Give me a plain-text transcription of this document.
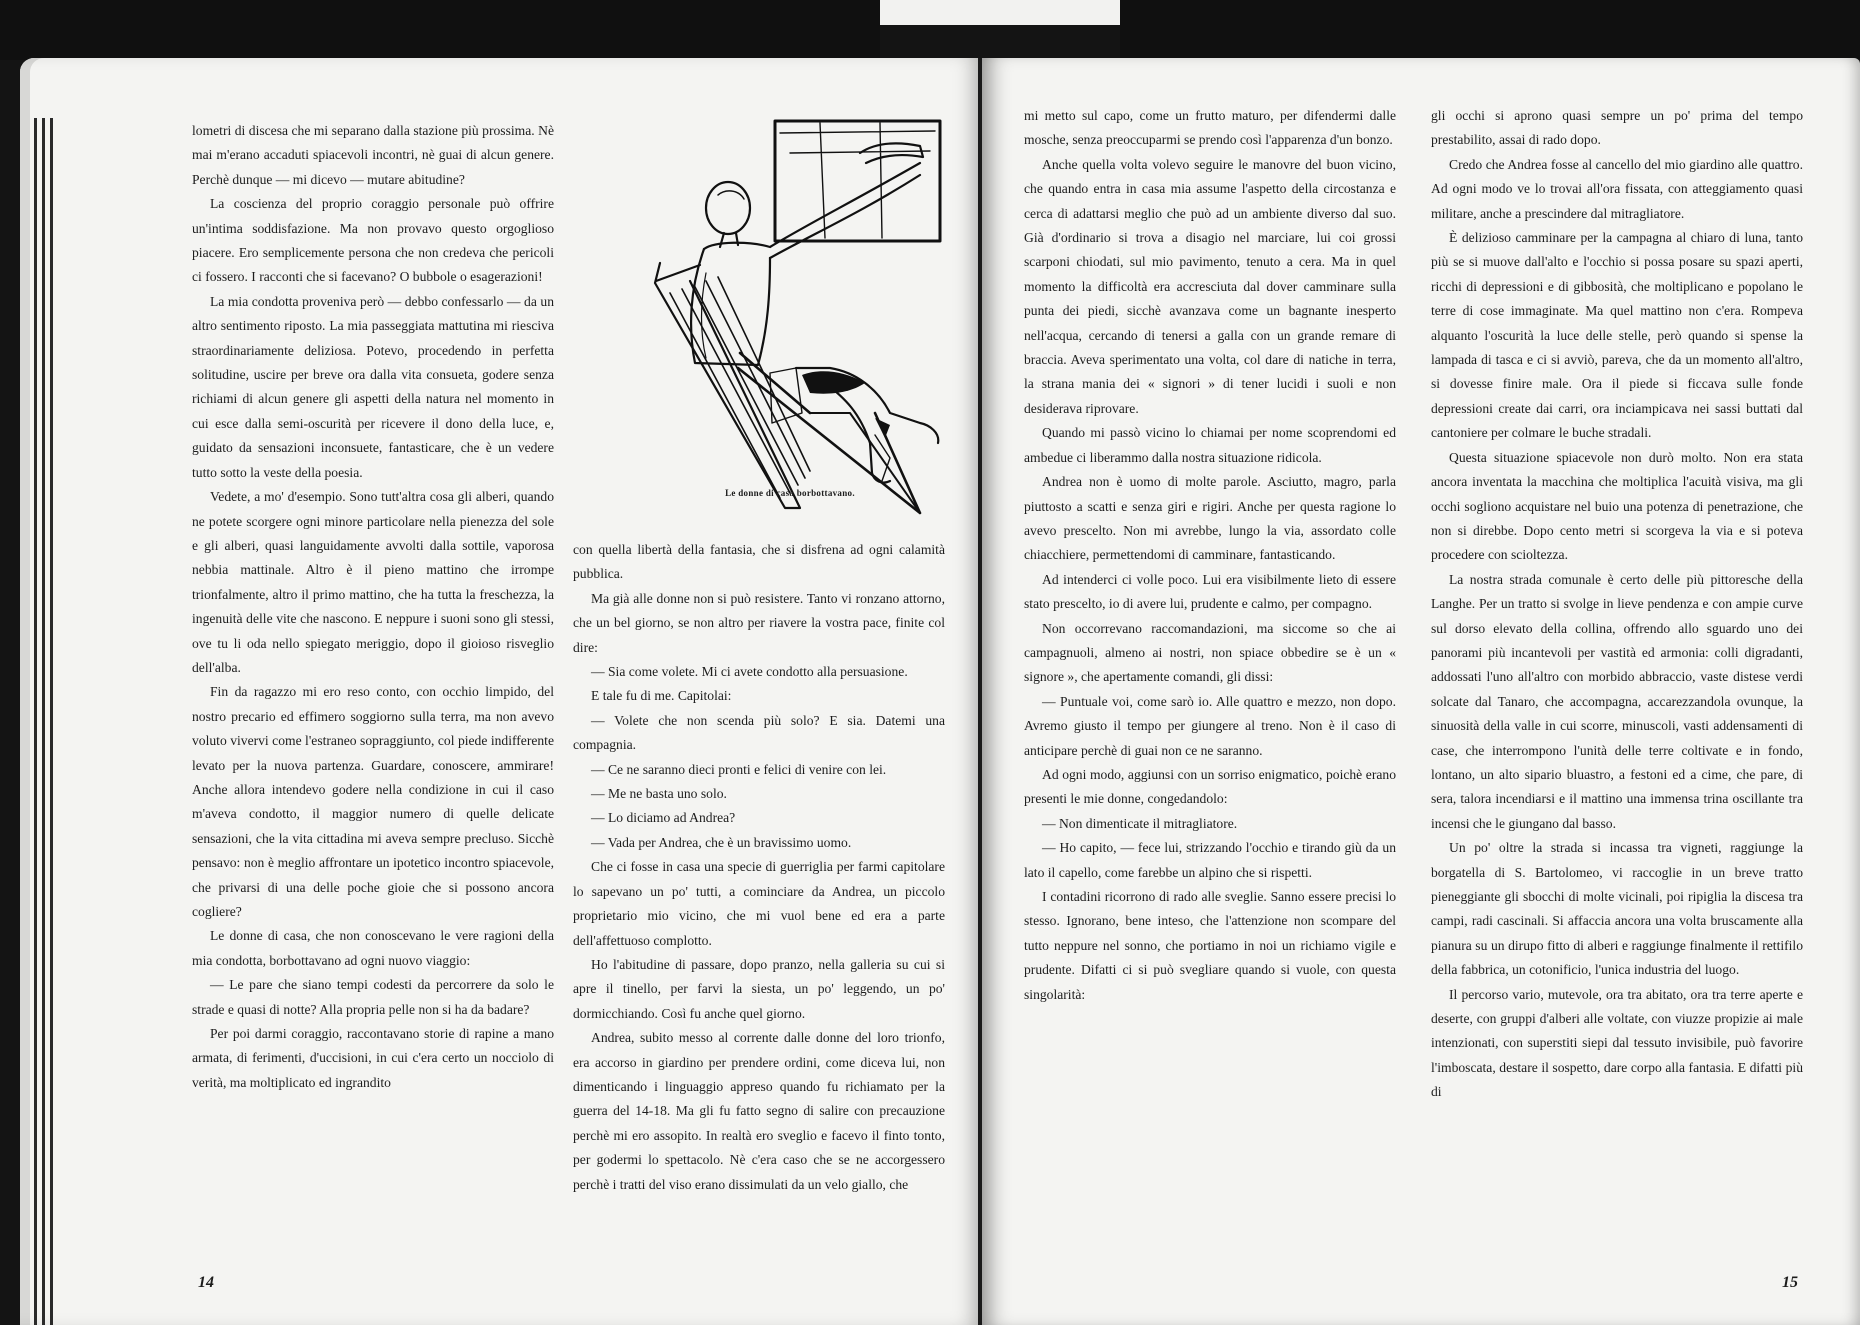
lometri di discesa che mi separano dalla stazione più prossima. Nè mai m'erano accaduti spiacevoli incontri, nè guai di alcun genere. Perchè dunque — mi dicevo — mutare abitudine?

La coscienza del proprio coraggio personale può offrire un'intima soddisfazione. Ma non provavo questo orgoglioso piacere. Ero semplicemente persona che non credeva che pericoli ci fossero. I racconti che si facevano? O bubbole o esagerazioni!

La mia condotta proveniva però — debbo confessarlo — da un altro sentimento riposto. La mia passeggiata mattutina mi riesciva straordinariamente deliziosa. Potevo, procedendo in perfetta solitudine, uscire per breve ora dalla vita consueta, godere senza richiami di alcun genere gli aspetti della natura nel momento in cui esce dalla semi-oscurità per ricevere il dono della luce, e, guidato da sensazioni inconsuete, fantasticare, che è un vedere tutto sotto la veste della poesia.

Vedete, a mo' d'esempio. Sono tutt'altra cosa gli alberi, quando ne potete scorgere ogni minore particolare nella pienezza del sole e gli alberi, quasi languidamente avvolti dalla sottile, vaporosa nebbia mattinale. Altro è il pieno mattino che irrompe trionfalmente, altro il primo mattino, che ha tutta la freschezza, la ingenuità delle vite che nascono. E neppure i suoni sono gli stessi, ove tu li oda nello spiegato meriggio, dopo il gioioso risveglio dell'alba.

Fin da ragazzo mi ero reso conto, con occhio limpido, del nostro precario ed effimero soggiorno sulla terra, ma non avevo voluto vivervi come l'estraneo sopraggiunto, col piede indifferente levato per la nuova partenza. Guardare, conoscere, ammirare! Anche allora intendevo godere nella condizione in cui il caso m'aveva condotto, il maggior numero di quelle delicate sensazioni, che la vita cittadina mi aveva sempre precluso. Sicchè pensavo: non è meglio affrontare un ipotetico incontro spiacevole, che privarsi di una delle poche gioie che si possono ancora cogliere?

Le donne di casa, che non conoscevano le vere ragioni della mia condotta, borbottavano ad ogni nuovo viaggio:

— Le pare che siano tempi codesti da percorrere da solo le strade e quasi di notte? Alla propria pelle non si ha da badare?

Per poi darmi coraggio, raccontavano storie di rapine a mano armata, di ferimenti, d'uccisioni, in cui c'era certo un nocciolo di verità, ma moltiplicato ed ingrandito

Le donne di casa borbottavano.

con quella libertà della fantasia, che si disfrena ad ogni calamità pubblica.

Ma già alle donne non si può resistere. Tanto vi ronzano attorno, che un bel giorno, se non altro per riavere la vostra pace, finite col dire:

— Sia come volete. Mi ci avete condotto alla persuasione.

E tale fu di me. Capitolai:

— Volete che non scenda più solo? E sia. Datemi una compagnia.

— Ce ne saranno dieci pronti e felici di venire con lei.

— Me ne basta uno solo.

— Lo diciamo ad Andrea?

— Vada per Andrea, che è un bravissimo uomo.

Che ci fosse in casa una specie di guerriglia per farmi capitolare lo sapevano un po' tutti, a cominciare da Andrea, un piccolo proprietario mio vicino, che mi vuol bene ed era a parte dell'affettuoso complotto.

Ho l'abitudine di passare, dopo pranzo, nella galleria su cui si apre il tinello, per farvi la siesta, un po' leggendo, un po' dormicchiando. Così fu anche quel giorno.

Andrea, subito messo al corrente dalle donne del loro trionfo, era accorso in giardino per prendere ordini, come diceva lui, non dimenticando i linguaggio appreso quando fu richiamato per la guerra del 14-18. Ma gli fu fatto segno di salire con precauzione perchè mi ero assopito. In realtà ero sveglio e facevo il finto tonto, per godermi lo spettacolo. Nè c'era caso che se ne accorgessero perchè i tratti del viso erano dissimulati da un velo giallo, che

14

mi metto sul capo, come un frutto maturo, per difendermi dalle mosche, senza preoccuparmi se prendo così l'apparenza d'un bonzo.

Anche quella volta volevo seguire le manovre del buon vicino, che quando entra in casa mia assume l'aspetto della circostanza e cerca di adattarsi meglio che può ad un ambiente diverso dal suo. Già d'ordinario si trova a disagio nel marciare, lui coi grossi scarponi chiodati, sul mio pavimento, tenuto a cera. Ma in quel momento la difficoltà era accresciuta dal dover camminare sulla punta dei piedi, sicchè avanzava come un bagnante inesperto nell'acqua, cercando di tenersi a galla con un grande remare di braccia. Aveva sperimentato una volta, col dare di natiche in terra, la strana mania dei « signori » di tener lucidi i suoli e non desiderava riprovare.

Quando mi passò vicino lo chiamai per nome scoprendomi ed ambedue ci liberammo dalla nostra situazione ridicola.

Andrea non è uomo di molte parole. Asciutto, magro, parla piuttosto a scatti e senza giri e rigiri. Anche per questa ragione lo avevo prescelto. Non mi avrebbe, lungo la via, assordato colle chiacchiere, permettendomi di camminare, fantasticando.

Ad intenderci ci volle poco. Lui era visibilmente lieto di essere stato prescelto, io di avere lui, prudente e calmo, per compagno.

Non occorrevano raccomandazioni, ma siccome so che ai campagnuoli, almeno ai nostri, non spiace obbedire se è un « signore », che apertamente comandi, gli dissi:

— Puntuale voi, come sarò io. Alle quattro e mezzo, non dopo. Avremo giusto il tempo per giungere al treno. Non è il caso di anticipare perchè di guai non ce ne saranno.

Ad ogni modo, aggiunsi con un sorriso enigmatico, poichè erano presenti le mie donne, congedandolo:

— Non dimenticate il mitragliatore.

— Ho capito, — fece lui, strizzando l'occhio e tirando giù da un lato il capello, come farebbe un alpino che si rispetti.

I contadini ricorrono di rado alle sveglie. Sanno essere precisi lo stesso. Ignorano, bene inteso, che l'attenzione non scompare del tutto neppure nel sonno, che portiamo in noi un richiamo vigile e prudente. Difatti ci si può svegliare quando si vuole, con questa singolarità:

gli occhi si aprono quasi sempre un po' prima del tempo prestabilito, assai di rado dopo.

Credo che Andrea fosse al cancello del mio giardino alle quattro. Ad ogni modo ve lo trovai all'ora fissata, con atteggiamento quasi militare, anche a prescindere dal mitragliatore.

È delizioso camminare per la campagna al chiaro di luna, tanto più se si muove dall'alto e l'occhio si possa posare su spazi aperti, ricchi di depressioni e di gibbosità, che moltiplicano e popolano le terre di cose immaginate. Ma quel mattino non c'era. Rompeva alquanto l'oscurità la luce delle stelle, però quando si spense la lampada di tasca e ci si avviò, pareva, che da un momento all'altro, si dovesse finire male. Ora il piede si ficcava sulle fonde depressioni create dai carri, ora inciampicava nei sassi buttati dal cantoniere per colmare le buche stradali.

Questa situazione spiacevole non durò molto. Non era stata ancora inventata la macchina che moltiplica l'acuità visiva, ma gli occhi sogliono acquistare nel buio una potenza di penetrazione, che non si direbbe. Dopo cento metri si scorgeva la via e si poteva procedere con scioltezza.

La nostra strada comunale è certo delle più pittoresche della Langhe. Per un tratto si svolge in lieve pendenza e con ampie curve sul dorso elevato della collina, offrendo allo sguardo uno dei panorami più incantevoli per vastità ed armonia: colli digradanti, addossati l'uno all'altro con morbido abbraccio, vaste distese verdi solcate dal Tanaro, che accompagna, accarezzandola ovunque, la sinuosità della valle in cui scorre, minuscoli, vasti addensamenti di case, che interrompono l'unità delle terre coltivate e in fondo, lontano, un alto sipario bluastro, a festoni ed a cime, che pare, di sera, talora incendiarsi e il mattino una immensa trina oscillante tra incensi che le giungano dal basso.

Un po' oltre la strada si incassa tra vigneti, raggiunge la borgatella di S. Bartolomeo, vi raccoglie in un breve tratto pieneggiante gli sbocchi di molte vicinali, poi ripiglia la discesa tra campi, radi cascinali. Si affaccia ancora una volta bruscamente alla pianura su un dirupo fitto di alberi e raggiunge finalmente il rettifilo della fabbrica, un cotonificio, l'unica industria del luogo.

Il percorso vario, mutevole, ora tra abitato, ora tra terre aperte e deserte, con gruppi d'alberi alle voltate, con viuzze propizie ai male intenzionati, con superstiti siepi dal tessuto invisibile, può favorire l'imboscata, destare il sospetto, dare corpo alla fantasia. E difatti più di

15
